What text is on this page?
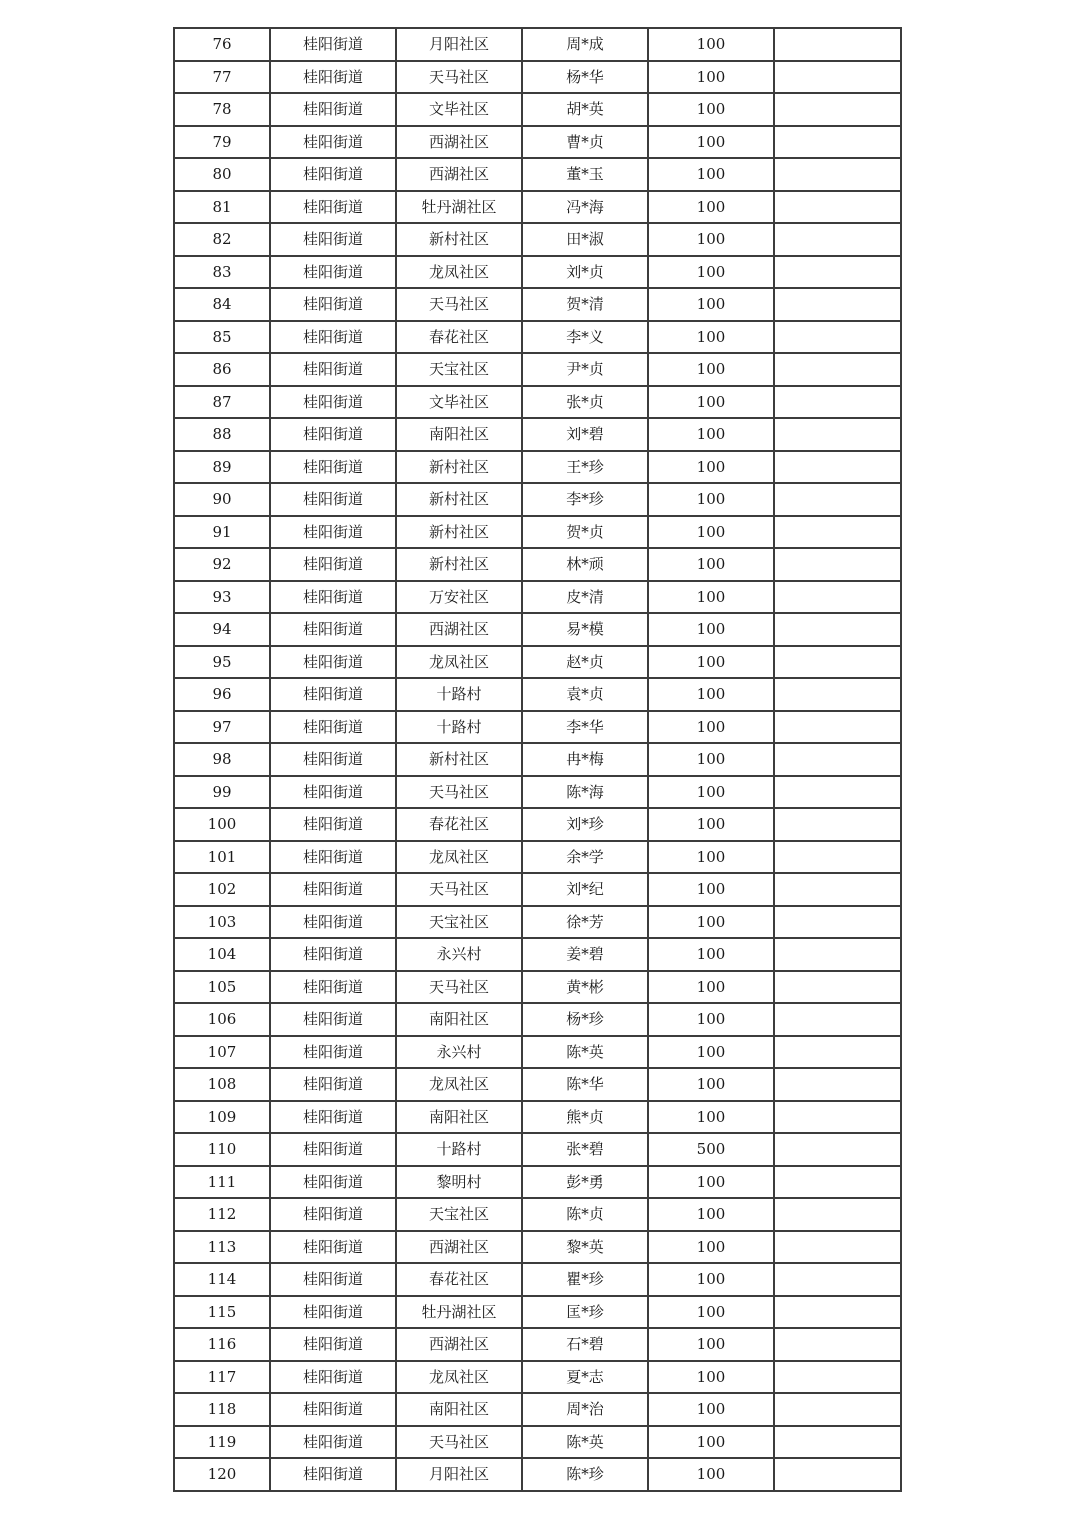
76	桂阳街道	月阳社区	周*成	100	
77	桂阳街道	天马社区	杨*华	100	
78	桂阳街道	文毕社区	胡*英	100	
79	桂阳街道	西湖社区	曹*贞	100	
80	桂阳街道	西湖社区	董*玉	100	
81	桂阳街道	牡丹湖社区	冯*海	100	
82	桂阳街道	新村社区	田*淑	100	
83	桂阳街道	龙凤社区	刘*贞	100	
84	桂阳街道	天马社区	贺*清	100	
85	桂阳街道	春花社区	李*义	100	
86	桂阳街道	天宝社区	尹*贞	100	
87	桂阳街道	文毕社区	张*贞	100	
88	桂阳街道	南阳社区	刘*碧	100	
89	桂阳街道	新村社区	王*珍	100	
90	桂阳街道	新村社区	李*珍	100	
91	桂阳街道	新村社区	贺*贞	100	
92	桂阳街道	新村社区	林*顽	100	
93	桂阳街道	万安社区	皮*清	100	
94	桂阳街道	西湖社区	易*模	100	
95	桂阳街道	龙凤社区	赵*贞	100	
96	桂阳街道	十路村	袁*贞	100	
97	桂阳街道	十路村	李*华	100	
98	桂阳街道	新村社区	冉*梅	100	
99	桂阳街道	天马社区	陈*海	100	
100	桂阳街道	春花社区	刘*珍	100	
101	桂阳街道	龙凤社区	余*学	100	
102	桂阳街道	天马社区	刘*纪	100	
103	桂阳街道	天宝社区	徐*芳	100	
104	桂阳街道	永兴村	姜*碧	100	
105	桂阳街道	天马社区	黄*彬	100	
106	桂阳街道	南阳社区	杨*珍	100	
107	桂阳街道	永兴村	陈*英	100	
108	桂阳街道	龙凤社区	陈*华	100	
109	桂阳街道	南阳社区	熊*贞	100	
110	桂阳街道	十路村	张*碧	500	
111	桂阳街道	黎明村	彭*勇	100	
112	桂阳街道	天宝社区	陈*贞	100	
113	桂阳街道	西湖社区	黎*英	100	
114	桂阳街道	春花社区	瞿*珍	100	
115	桂阳街道	牡丹湖社区	匡*珍	100	
116	桂阳街道	西湖社区	石*碧	100	
117	桂阳街道	龙凤社区	夏*志	100	
118	桂阳街道	南阳社区	周*治	100	
119	桂阳街道	天马社区	陈*英	100	
120	桂阳街道	月阳社区	陈*珍	100	
